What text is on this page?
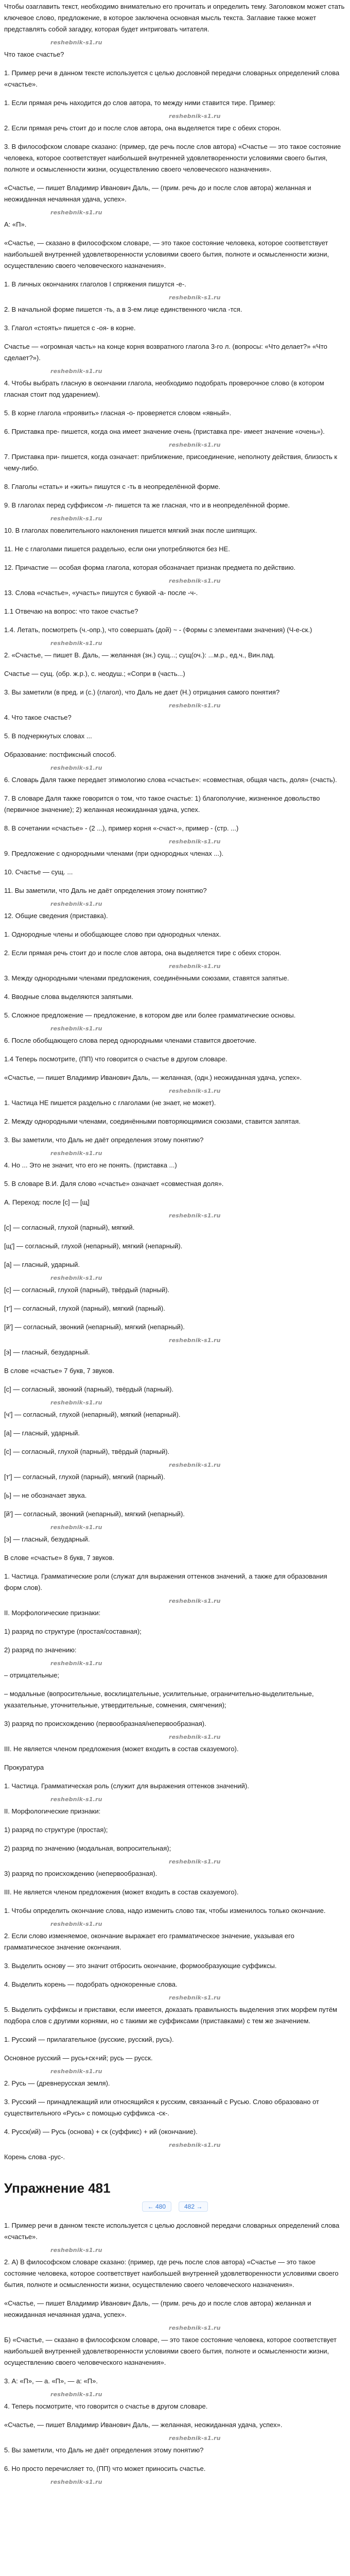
Чтобы озаглавить текст, необходимо внимательно его прочитать и определить тему. Заголовком может стать ключевое слово, предложение, в которое заключена основная мысль текста. Заглавие также может представлять собой загадку, которая будет интриговать читателя.

reshebnik-s1.ru

Что такое счастье?

1. Пример речи в данном тексте используется с целью дословной передачи словарных определений слова «счастье».

1. Если прямая речь находится до слов автора, то между ними ставится тире. Пример:

reshebnik-s1.ru

2. Если прямая речь стоит до и после слов автора, она выделяется тире с обеих сторон.

3. В философском словаре сказано: (пример, где речь после слов автора) «Счастье — это такое состояние человека, которое соответствует наибольшей внутренней удовлетворенности условиями своего бытия, полноте и осмысленности жизни, осуществлению своего человеческого назначения».

«Счастье, — пишет Владимир Иванович Даль, — (прим. речь до и после слов автора) желанная и неожиданная нечаянная удача, успех».

reshebnik-s1.ru

А: «П».

«Счастье, — сказано в философском словаре, — это такое состояние человека, которое соответствует наибольшей внутренней удовлетворенности условиями своего бытия, полноте и осмысленности жизни, осуществлению своего человеческого назначения».

1. В личных окончаниях глаголов I спряжения пишутся -е-.

reshebnik-s1.ru

2. В начальной форме пишется -ть, а в 3-ем лице единственного числа -тся.

3. Глагол «стоять» пишется с -оя- в корне.

Счастье — «огромная часть» на конце корня возвратного глагола 3-го л. (вопросы: «Что делает?» «Что сделает?»).

reshebnik-s1.ru

4. Чтобы выбрать гласную в окончании глагола, необходимо подобрать проверочное слово (в котором гласная стоит под ударением).

5. В корне глагола «проявить» гласная -о- проверяется словом «явный».

6. Приставка пре- пишется, когда она имеет значение очень (приставка пре- имеет значение «очень»).

reshebnik-s1.ru

7. Приставка при- пишется, когда означает: приближение, присоединение, неполноту действия, близость к чему-либо.

8. Глаголы «стать» и «жить» пишутся с -ть в неопределённой форме.

9. В глаголах перед суффиксом -л- пишется та же гласная, что и в неопределённой форме.

reshebnik-s1.ru

10. В глаголах повелительного наклонения пишется мягкий знак после шипящих.

11. Не с глаголами пишется раздельно, если они употребляются без НЕ.

12. Причастие — особая форма глагола, которая обозначает признак предмета по действию.

reshebnik-s1.ru

13. Слова «счастье», «участь» пишутся с буквой -а- после -ч-.

1.1 Отвечаю на вопрос: что такое счастье?

1.4. Летать, посмотреть (ч.-опр.), что совершать (дой) ~ - (Формы с элементами значения) (Ч-е-ск.)

reshebnik-s1.ru

2. «Счастье, — пишет В. Даль, — желанная (зн.) сущ...; сущ(оч.): ...м.р., ед.ч., Вин.пад.

Счастье — сущ. (обр. ж.р.), с. неодуш.; «Сопри в (часть...)

3. Вы заметили (в пред. и (с.) (глагол), что Даль не дает (Н.) отрицания самого понятия?

reshebnik-s1.ru

4. Что такое счастье?

5. В подчеркнутых словах ...

Образование: постфиксный способ.

reshebnik-s1.ru

6. Словарь Даля также передает этимологию слова «счастье»: «совместная, общая часть, доля» (счасть).

7. В словаре Даля также говорится о том, что такое счастье: 1) благополучие, жизненное довольство (первичное значение); 2) желанная неожиданная удача, успех.

8. В сочетании «счастье» - (2 ...), пример корня «-счаст-», пример - (стр. ...)

reshebnik-s1.ru

9. Предложение с однородными членами (при однородных членах ...).

10. Счастье — сущ. ...

11. Вы заметили, что Даль не даёт определения этому понятию?

reshebnik-s1.ru

12. Общие сведения (приставка).

1. Однородные члены и обобщающее слово при однородных членах.

2. Если прямая речь стоит до и после слов автора, она выделяется тире с обеих сторон.

reshebnik-s1.ru

3. Между однородными членами предложения, соединёнными союзами, ставятся запятые.

4. Вводные слова выделяются запятыми.

5. Сложное предложение — предложение, в котором две или более грамматические основы.

reshebnik-s1.ru

6. После обобщающего слова перед однородными членами ставится двоеточие.

1.4 Теперь посмотрите, (ПП) что говорится о счастье в другом словаре.

«Счастье, — пишет Владимир Иванович Даль, — желанная, (одн.) неожиданная удача, успех».

reshebnik-s1.ru

1. Частица НЕ пишется раздельно с глаголами (не знает, не может).

2. Между однородными членами, соединёнными повторяющимися союзами, ставится запятая.

3. Вы заметили, что Даль не даёт определения этому понятию?

reshebnik-s1.ru

4. Но ... Это не значит, что его не понять. (приставка ...)

5. В словаре В.И. Даля слово «счастье» означает «совместная доля».

А. Переход: после [с] — [щ]

reshebnik-s1.ru

[с] — согласный, глухой (парный), мягкий.

[щ'] — согласный, глухой (непарный), мягкий (непарный).

[а] — гласный, ударный.

reshebnik-s1.ru

[с] — согласный, глухой (парный), твёрдый (парный).

[т'] — согласный, глухой (парный), мягкий (парный).

[й'] — согласный, звонкий (непарный), мягкий (непарный).

reshebnik-s1.ru

[э] — гласный, безударный.

В слове «счастье» 7 букв, 7 звуков.

[с] — согласный, звонкий (парный), твёрдый (парный).

reshebnik-s1.ru

[ч'] — согласный, глухой (непарный), мягкий (непарный).

[а] — гласный, ударный.

[с] — согласный, глухой (парный), твёрдый (парный).

reshebnik-s1.ru

[т'] — согласный, глухой (парный), мягкий (парный).

[ь] — не обозначает звука.

[й'] — согласный, звонкий (непарный), мягкий (непарный).

reshebnik-s1.ru

[э] — гласный, безударный.

В слове «счастье» 8 букв, 7 звуков.

1. Частица. Грамматические роли (служат для выражения оттенков значений, а также для образования форм слов).

reshebnik-s1.ru

II. Морфологические признаки:

1) разряд по структуре (простая/составная);

2) разряд по значению:

reshebnik-s1.ru

– отрицательные;

– модальные (вопросительные, восклицательные, усилительные, ограничительно-выделительные, указательные, уточнительные, утвердительные, сомнения, смягчения);

3) разряд по происхождению (первообразная/непервообразная).

reshebnik-s1.ru

III. Не является членом предложения (может входить в состав сказуемого).

Прокуратура

1. Частица. Грамматическая роль (служит для выражения оттенков значений).

reshebnik-s1.ru

II. Морфологические признаки:

1) разряд по структуре (простая);

2) разряд по значению (модальная, вопросительная);

reshebnik-s1.ru

3) разряд по происхождению (непервообразная).

III. Не является членом предложения (может входить в состав сказуемого).

1. Чтобы определить окончание слова, надо изменить слово так, чтобы изменилось только окончание.

reshebnik-s1.ru

2. Если слово изменяемое, окончание выражает его грамматическое значение, указывая его грамматическое значение окончания.

3. Выделить основу — это значит отбросить окончание, формообразующие суффиксы.

4. Выделить корень — подобрать однокоренные слова.

reshebnik-s1.ru

5. Выделить суффиксы и приставки, если имеется, доказать правильность выделения этих морфем путём подбора слов с другими корнями, но с такими же суффиксами (приставками) с тем же значением.

1. Русский — прилагательное (русские, русский, русь).

Основное русский — русь+ск+ий; русь — русск.

reshebnik-s1.ru

2. Русь — (древнерусская земля).

3. Русский — принадлежащий или относящийся к русским, связанный с Русью. Слово образовано от существительного «Русь» с помощью суффикса -ск-.

4. Русск(ий) — Русь (основа) + ск (суффикс) + ий (окончание).

reshebnik-s1.ru

Корень слова -рус-.

Упражнение 481
← 480	482 →

1. Пример речи в данном тексте используется с целью дословной передачи словарных определений слова «счастье».

reshebnik-s1.ru

2. А) В философском словаре сказано: (пример, где речь после слов автора) «Счастье — это такое состояние человека, которое соответствует наибольшей внутренней удовлетворенности условиями своего бытия, полноте и осмысленности жизни, осуществлению своего человеческого назначения».

«Счастье, — пишет Владимир Иванович Даль, — (прим. речь до и после слов автора) желанная и неожиданная нечаянная удача, успех».

reshebnik-s1.ru

Б) «Счастье, — сказано в философском словаре, — это такое состояние человека, которое соответствует наибольшей внутренней удовлетворенности условиями своего бытия, полноте и осмысленности жизни, осуществлению своего человеческого назначения».

3. А: «П», — а. «П», — а: «П».

reshebnik-s1.ru

4. Теперь посмотрите, что говорится о счастье в другом словаре.

«Счастье, — пишет Владимир Иванович Даль, — желанная, неожиданная удача, успех».

reshebnik-s1.ru

5. Вы заметили, что Даль не даёт определения этому понятию?

6. Но просто перечисляет то, (ПП) что может приносить счастье.

reshebnik-s1.ru
